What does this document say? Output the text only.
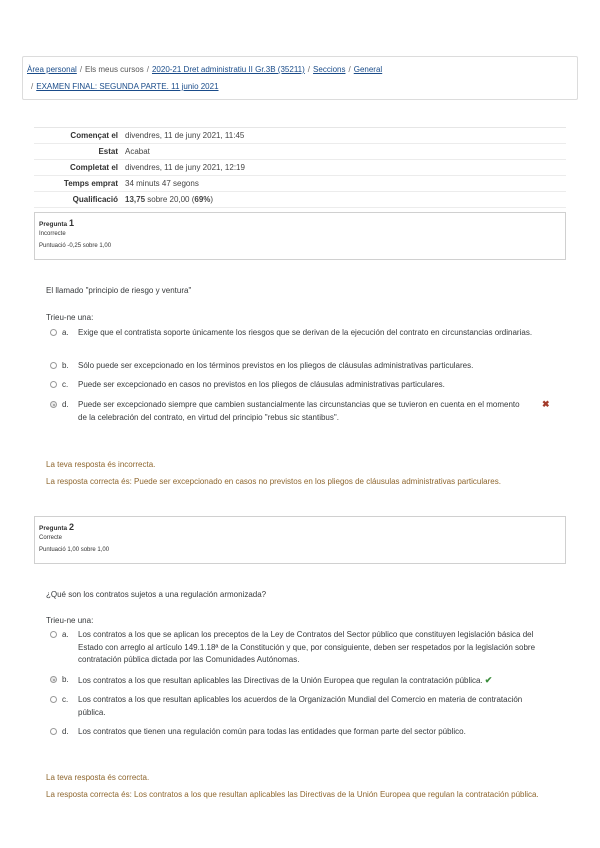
Àrea personal / Els meus cursos / 2020-21 Dret administratiu II Gr.3B (35211) / Seccions / General
/ EXAMEN FINAL: SEGUNDA PARTE. 11 junio 2021
Començat el	divendres, 11 de juny 2021, 11:45
Estat	Acabat
Completat el	divendres, 11 de juny 2021, 12:19
Temps emprat	34 minuts 47 segons
Qualificació	13,75 sobre 20,00 (69%)
Pregunta 1
Incorrecte
Puntuació -0,25 sobre 1,00
El llamado "principio de riesgo y ventura"
Trieu-ne una:
a. Exige que el contratista soporte únicamente los riesgos que se derivan de la ejecución del contrato en circunstancias ordinarias.
b. Sólo puede ser excepcionado en los términos previstos en los pliegos de cláusulas administrativas particulares.
c. Puede ser excepcionado en casos no previstos en los pliegos de cláusulas administrativas particulares.
d. Puede ser excepcionado siempre que cambien sustancialmente las circunstancias que se tuvieron en cuenta en el momento de la celebración del contrato, en virtud del principio "rebus sic stantibus".
✖
La teva resposta és incorrecta.
La resposta correcta és: Puede ser excepcionado en casos no previstos en los pliegos de cláusulas administrativas particulares.
Pregunta 2
Correcte
Puntuació 1,00 sobre 1,00
¿Qué son los contratos sujetos a una regulación armonizada?
Trieu-ne una:
a. Los contratos a los que se aplican los preceptos de la Ley de Contratos del Sector público que constituyen legislación básica del Estado con arreglo al artículo 149.1.18ª de la Constitución y que, por consiguiente, deben ser respetados por la legislación sobre contratación pública dictada por las Comunidades Autónomas.
b. Los contratos a los que resultan aplicables las Directivas de la Unión Europea que regulan la contratación pública. ✔
c. Los contratos a los que resultan aplicables los acuerdos de la Organización Mundial del Comercio en materia de contratación pública.
d. Los contratos que tienen una regulación común para todas las entidades que forman parte del sector público.
La teva resposta és correcta.
La resposta correcta és: Los contratos a los que resultan aplicables las Directivas de la Unión Europea que regulan la contratación pública.
